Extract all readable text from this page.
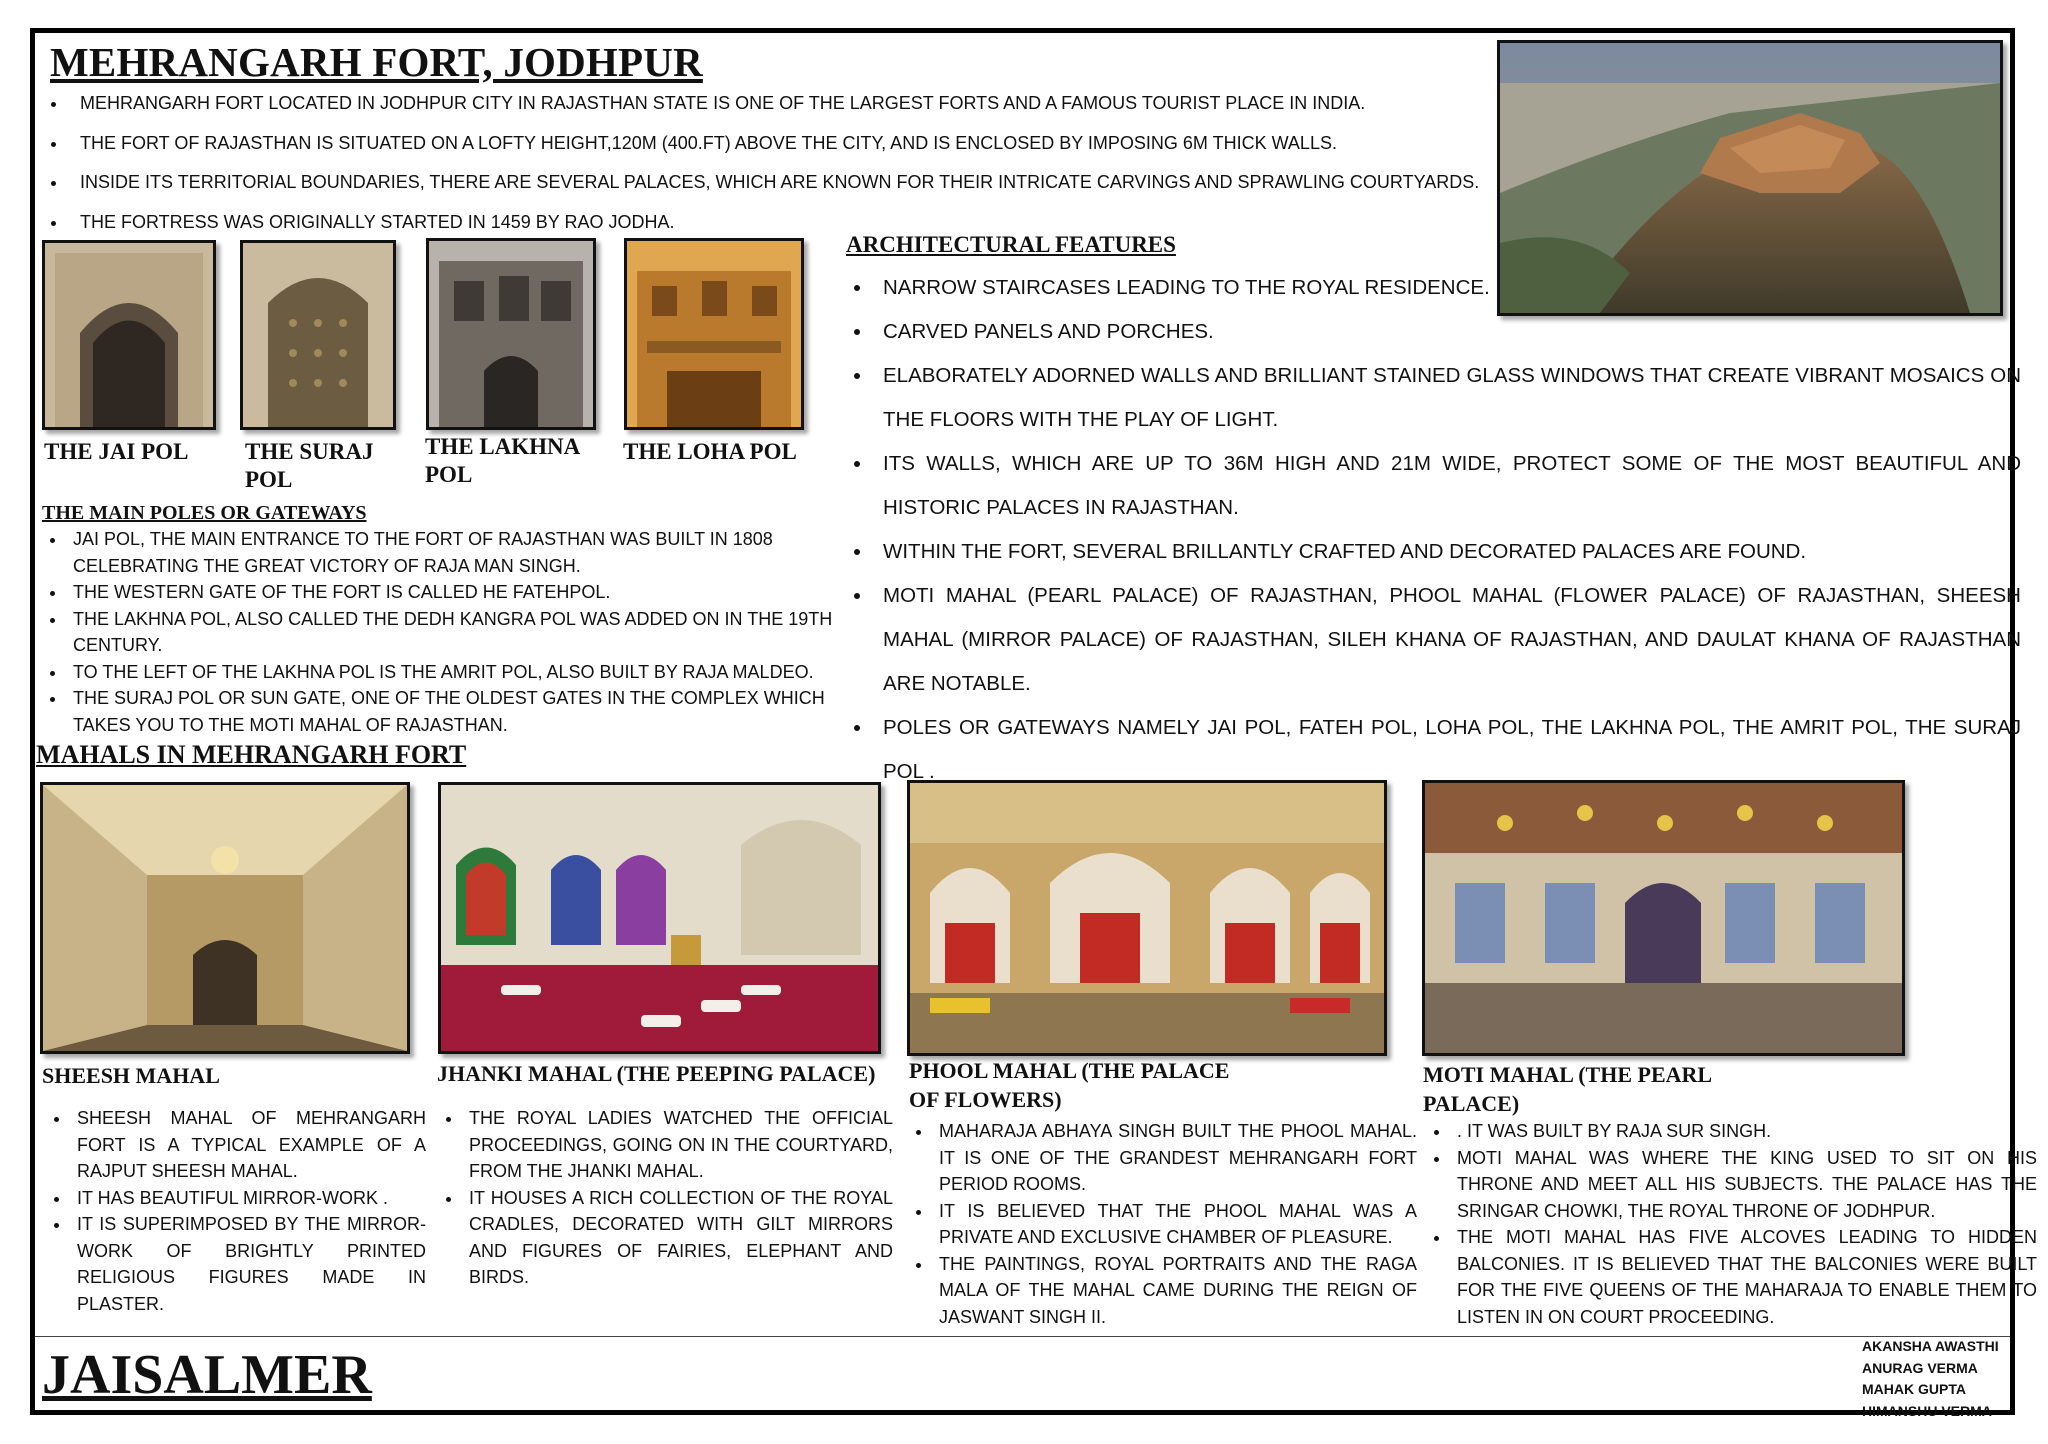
MEHRANGARH FORT, JODHPUR
• MEHRANGARH FORT LOCATED IN JODHPUR CITY IN RAJASTHAN STATE IS ONE OF THE LARGEST FORTS AND A FAMOUS TOURIST PLACE IN INDIA.
• THE FORT OF RAJASTHAN IS SITUATED ON A LOFTY HEIGHT,120M (400.FT) ABOVE THE CITY, AND IS ENCLOSED BY IMPOSING 6M THICK WALLS.
• INSIDE ITS TERRITORIAL BOUNDARIES, THERE ARE SEVERAL PALACES, WHICH ARE KNOWN FOR THEIR INTRICATE CARVINGS AND SPRAWLING COURTYARDS.
• THE FORTRESS WAS ORIGINALLY STARTED IN 1459 BY RAO JODHA.
THE JAI POL	THE SURAJ
POL
THE LAKHNA
POL
THE LOHA POL
THE MAIN POLES OR GATEWAYS
• JAI POL, THE MAIN ENTRANCE TO THE FORT OF RAJASTHAN WAS BUILT IN 1808 CELEBRATING THE GREAT VICTORY OF RAJA MAN SINGH.
• THE WESTERN GATE OF THE FORT IS CALLED HE FATEHPOL.
• THE LAKHNA POL, ALSO CALLED THE DEDH KANGRA POL WAS ADDED ON IN THE 19TH CENTURY.
• TO THE LEFT OF THE LAKHNA POL IS THE AMRIT POL, ALSO BUILT BY RAJA MALDEO.
• THE SURAJ POL OR SUN GATE, ONE OF THE OLDEST GATES IN THE COMPLEX WHICH TAKES YOU TO THE MOTI MAHAL OF RAJASTHAN.
ARCHITECTURAL FEATURES
• NARROW STAIRCASES LEADING TO THE ROYAL RESIDENCE.
• CARVED PANELS AND PORCHES.
• ELABORATELY ADORNED WALLS AND BRILLIANT STAINED GLASS WINDOWS THAT CREATE VIBRANT MOSAICS ON THE FLOORS WITH THE PLAY OF LIGHT.
• ITS WALLS, WHICH ARE UP TO 36M HIGH AND 21M WIDE, PROTECT SOME OF THE MOST BEAUTIFUL AND HISTORIC PALACES IN RAJASTHAN.
• WITHIN THE FORT, SEVERAL BRILLANTLY CRAFTED AND DECORATED PALACES ARE FOUND.
• MOTI MAHAL (PEARL PALACE) OF RAJASTHAN, PHOOL MAHAL (FLOWER PALACE) OF RAJASTHAN, SHEESH MAHAL (MIRROR PALACE) OF RAJASTHAN, SILEH KHANA OF RAJASTHAN, AND DAULAT KHANA OF RAJASTHAN ARE NOTABLE.
• POLES OR GATEWAYS NAMELY JAI POL, FATEH POL, LOHA POL, THE LAKHNA POL, THE AMRIT POL, THE SURAJ POL .
MAHALS IN MEHRANGARH FORT
SHEESH MAHAL	JHANKI MAHAL (THE PEEPING PALACE) PHOOL MAHAL (THE PALACE
OF FLOWERS)
MOTI MAHAL (THE PEARL
PALACE)
• SHEESH MAHAL OF MEHRANGARH FORT IS A TYPICAL EXAMPLE OF A RAJPUT SHEESH MAHAL.
• IT HAS BEAUTIFUL MIRROR-WORK .
• IT IS SUPERIMPOSED BY THE MIRROR-WORK OF BRIGHTLY PRINTED RELIGIOUS FIGURES MADE IN PLASTER.
• THE ROYAL LADIES WATCHED THE OFFICIAL PROCEEDINGS, GOING ON IN THE COURTYARD, FROM THE JHANKI MAHAL.
• IT HOUSES A RICH COLLECTION OF THE ROYAL CRADLES, DECORATED WITH GILT MIRRORS AND FIGURES OF FAIRIES, ELEPHANT AND BIRDS.
• MAHARAJA ABHAYA SINGH BUILT THE PHOOL MAHAL. IT IS ONE OF THE GRANDEST MEHRANGARH FORT PERIOD ROOMS.
• IT IS BELIEVED THAT THE PHOOL MAHAL WAS A PRIVATE AND EXCLUSIVE CHAMBER OF PLEASURE.
• THE PAINTINGS, ROYAL PORTRAITS AND THE RAGA MALA OF THE MAHAL CAME DURING THE REIGN OF JASWANT SINGH II.
• . IT WAS BUILT BY RAJA SUR SINGH.
• MOTI MAHAL WAS WHERE THE KING USED TO SIT ON HIS THRONE AND MEET ALL HIS SUBJECTS. THE PALACE HAS THE SRINGAR CHOWKI, THE ROYAL THRONE OF JODHPUR.
• THE MOTI MAHAL HAS FIVE ALCOVES LEADING TO HIDDEN BALCONIES. IT IS BELIEVED THAT THE BALCONIES WERE BUILT FOR THE FIVE QUEENS OF THE MAHARAJA TO ENABLE THEM TO LISTEN IN ON COURT PROCEEDING.
JAISALMER	AKANSHA AWASTHI
ANURAG VERMA
MAHAK GUPTA
HIMANSHU VERMA
